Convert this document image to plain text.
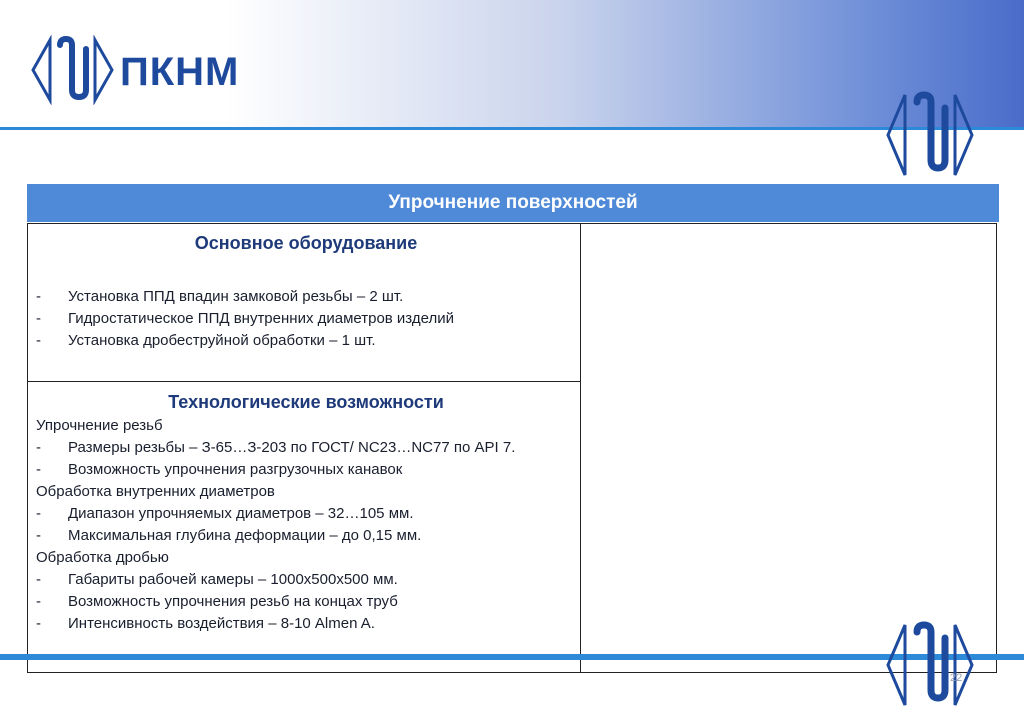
ПКНМ
Упрочнение поверхностей
Основное оборудование
-	Установка ППД впадин замковой резьбы – 2 шт.
-	Гидростатическое ППД внутренних диаметров изделий
-	Установка дробеструйной обработки – 1 шт.
Технологические возможности
Упрочнение резьб
-	Размеры резьбы – З-65…З-203 по ГОСТ/ NC23…NC77 по API 7.
-	Возможность упрочнения разгрузочных канавок
Обработка внутренних диаметров
-	Диапазон упрочняемых диаметров – 32…105 мм.
-	Максимальная глубина деформации – до 0,15 мм.
Обработка дробью
-	Габариты рабочей камеры – 1000х500х500 мм.
-	Возможность упрочнения резьб на концах труб
-	Интенсивность воздействия – 8-10 Almen A.
22
